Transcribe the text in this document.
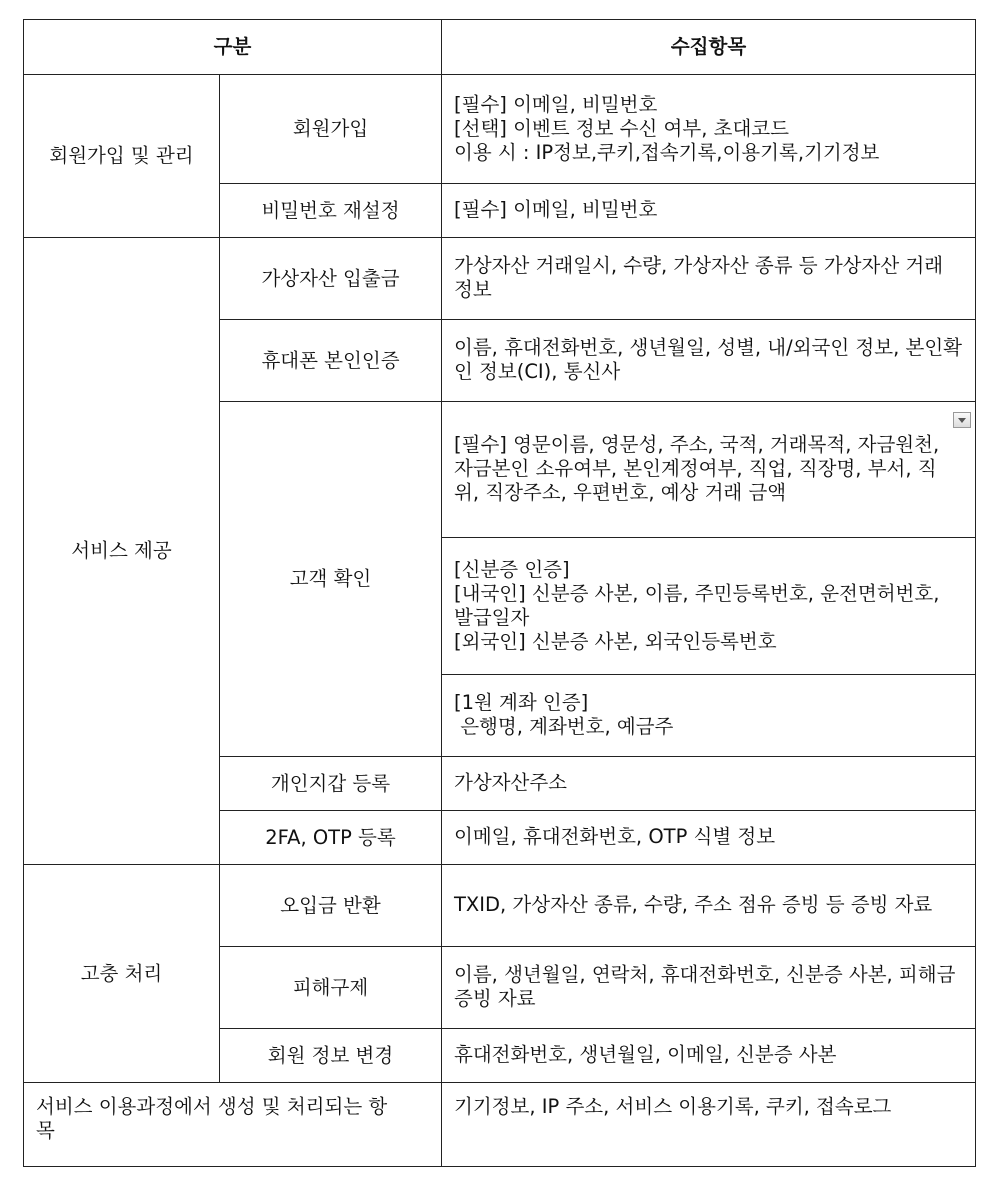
구분		수집항목
회원가입 및 관리	회원가입	[필수] 이메일, 비밀번호
[선택] 이벤트 정보 수신 여부, 초대코드
이용 시 : IP정보,쿠키,접속기록,이용기록,기기정보

	비밀번호 재설정	[필수] 이메일, 비밀번호

서비스 제공	가상자산 입출금	가상자산 거래일시, 수량, 가상자산 종류 등 가상자산 거래 정보

	휴대폰 본인인증	이름, 휴대전화번호, 생년월일, 성별, 내/외국인 정보, 본인확인 정보(CI), 통신사

	고객 확인	[필수] 영문이름, 영문성, 주소, 국적, 거래목적, 자금원천, 자금본인 소유여부, 본인계정여부, 직업, 직장명, 부서, 직위, 직장주소, 우편번호, 예상 거래 금액

		[신분증 인증]
[내국인] 신분증 사본, 이름, 주민등록번호, 운전면허번호, 발급일자
[외국인] 신분증 사본, 외국인등록번호

		[1원 계좌 인증]
은행명, 계좌번호, 예금주

	개인지갑 등록	가상자산주소

	2FA, OTP 등록	이메일, 휴대전화번호, OTP 식별 정보

고충 처리	오입금 반환	TXID, 가상자산 종류, 수량, 주소 점유 증빙 등 증빙 자료

	피해구제	이름, 생년월일, 연락처, 휴대전화번호, 신분증 사본, 피해금 증빙 자료

	회원 정보 변경	휴대전화번호, 생년월일, 이메일, 신분증 사본

서비스 이용과정에서 생성 및 처리되는 항목		기기정보, IP 주소, 서비스 이용기록, 쿠키, 접속로그
